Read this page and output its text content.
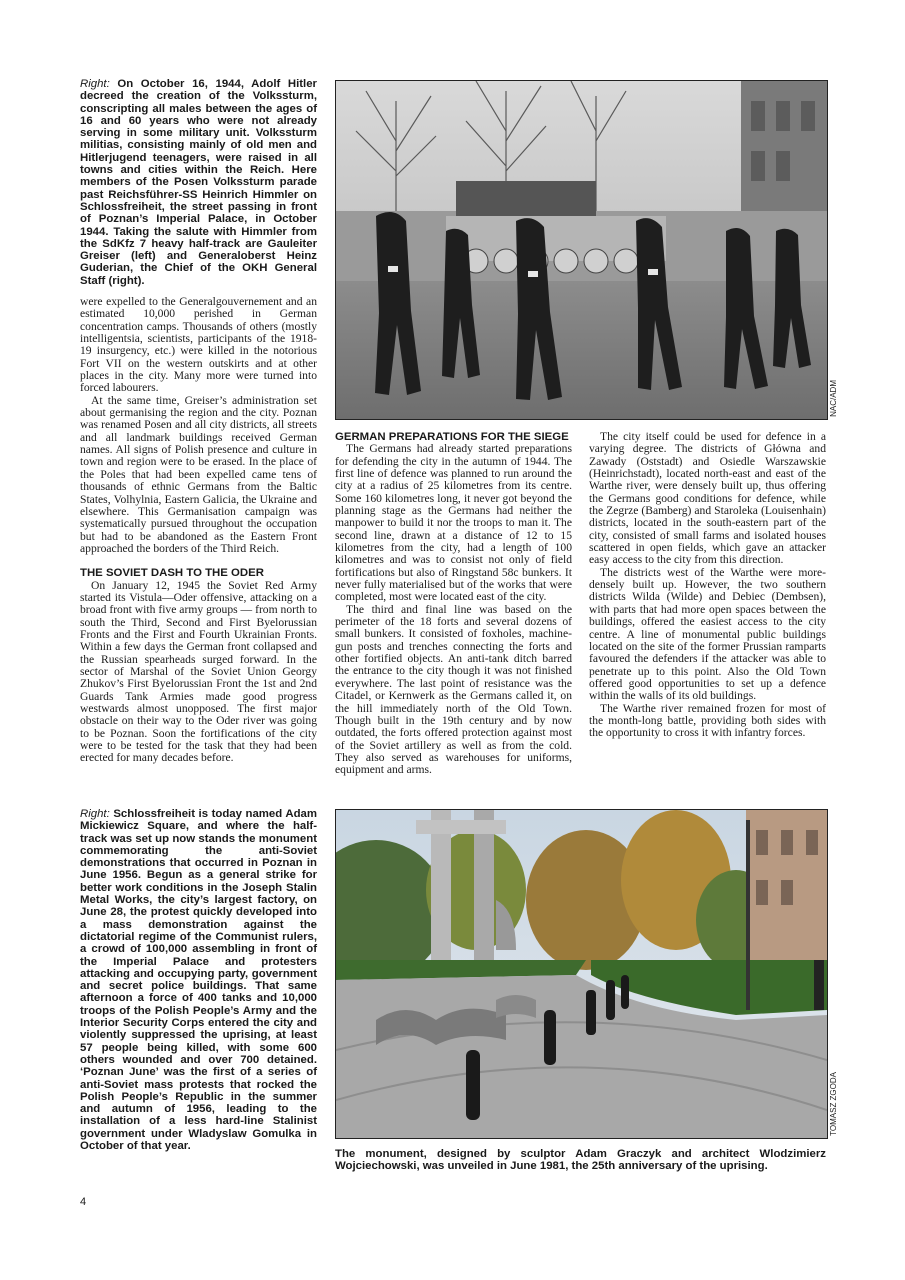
Right: On October 16, 1944, Adolf Hitler decreed the creation of the Volkssturm, conscripting all males between the ages of 16 and 60 years who were not already serving in some military unit. Volkssturm militias, consisting mainly of old men and Hitlerjugend teenagers, were raised in all towns and cities within the Reich. Here members of the Posen Volkssturm parade past Reichsführer-SS Heinrich Himmler on Schlossfreiheit, the street passing in front of Poznan’s Imperial Palace, in October 1944. Taking the salute with Himmler from the SdKfz 7 heavy half-track are Gauleiter Greiser (left) and Generaloberst Heinz Guderian, the Chief of the OKH General Staff (right).

were expelled to the Generalgouvernement and an estimated 10,000 perished in German concentration camps. Thousands of others (mostly intelligentsia, scientists, participants of the 1918-19 insurgency, etc.) were killed in the notorious Fort VII on the western outskirts and at other places in the city. Many more were turned into forced labourers.

At the same time, Greiser’s administration set about germanising the region and the city. Poznan was renamed Posen and all city districts, all streets and all landmark buildings received German names. All signs of Polish presence and culture in town and region were to be erased. In the place of the Poles that had been expelled came tens of thousands of ethnic Germans from the Baltic States, Volhylnia, Eastern Galicia, the Ukraine and elsewhere. This Germanisation campaign was systematically pursued throughout the occupation but had to be abandoned as the Eastern Front approached the borders of the Third Reich.

THE SOVIET DASH TO THE ODER

On January 12, 1945 the Soviet Red Army started its Vistula—Oder offensive, attacking on a broad front with five army groups — from north to south the Third, Second and First Byelorussian Fronts and the First and Fourth Ukrainian Fronts. Within a few days the German front collapsed and the Russian spearheads surged forward. In the sector of Marshal of the Soviet Union Georgy Zhukov’s First Byelorussian Front the 1st and 2nd Guards Tank Armies made good progress westwards almost unopposed. The first major obstacle on their way to the Oder river was going to be Poznan. Soon the fortifications of the city were to be tested for the task that they had been erected for many decades before.

NAC/ADM
GERMAN PREPARATIONS FOR THE SIEGE

The Germans had already started preparations for defending the city in the autumn of 1944. The first line of defence was planned to run around the city at a radius of 25 kilometres from its centre. Some 160 kilometres long, it never got beyond the planning stage as the Germans had neither the manpower to build it nor the troops to man it. The second line, drawn at a distance of 12 to 15 kilometres from the city, had a length of 100 kilometres and was to consist not only of field fortifications but also of Ringstand 58c bunkers. It never fully materialised but of the works that were completed, most were located east of the city.

The third and final line was based on the perimeter of the 18 forts and several dozens of small bunkers. It consisted of foxholes, machine-gun posts and trenches connecting the forts and other fortified objects. An anti-tank ditch barred the entrance to the city though it was not finished everywhere. The last point of resistance was the Citadel, or Kernwerk as the Germans called it, on the hill immediately north of the Old Town. Though built in the 19th century and by now outdated, the forts offered protection against most of the Soviet artillery as well as from the cold. They also served as warehouses for uniforms, equipment and arms.

The city itself could be used for defence in a varying degree. The districts of Główna and Zawady (Oststadt) and Osiedle Warszawskie (Heinrichstadt), located north-east and east of the Warthe river, were densely built up, thus offering the Germans good conditions for defence, while the Zegrze (Bamberg) and Staroleka (Louisenhain) districts, located in the south-eastern part of the city, consisted of small farms and isolated houses scattered in open fields, which gave an attacker easy access to the city from this direction.

The districts west of the Warthe were more-densely built up. However, the two southern districts Wilda (Wilde) and Debiec (Dembsen), with parts that had more open spaces between the buildings, offered the easiest access to the city centre. A line of monumental public buildings located on the site of the former Prussian ramparts favoured the defenders if the attacker was able to penetrate up to this point. Also the Old Town offered good opportunities to set up a defence within the walls of its old buildings.

The Warthe river remained frozen for most of the month-long battle, providing both sides with the opportunity to cross it with infantry forces.

Right: Schlossfreiheit is today named Adam Mickiewicz Square, and where the half-track was set up now stands the monument commemorating the anti-Soviet demonstrations that occurred in Poznan in June 1956. Begun as a general strike for better work conditions in the Joseph Stalin Metal Works, the city’s largest factory, on June 28, the protest quickly developed into a mass demonstration against the dictatorial regime of the Communist rulers, a crowd of 100,000 assembling in front of the Imperial Palace and protesters attacking and occupying party, government and secret police buildings. That same afternoon a force of 400 tanks and 10,000 troops of the Polish People’s Army and the Interior Security Corps entered the city and violently suppressed the uprising, at least 57 people being killed, with some 600 others wounded and over 700 detained. ‘Poznan June’ was the first of a series of anti-Soviet mass protests that rocked the Polish People’s Republic in the summer and autumn of 1956, leading to the installation of a less hard-line Stalinist government under Wladyslaw Gomulka in October of that year.
TOMASZ ZGODA
The monument, designed by sculptor Adam Graczyk and architect Wlodzimierz Wojciechowski, was unveiled in June 1981, the 25th anniversary of the uprising.
4
